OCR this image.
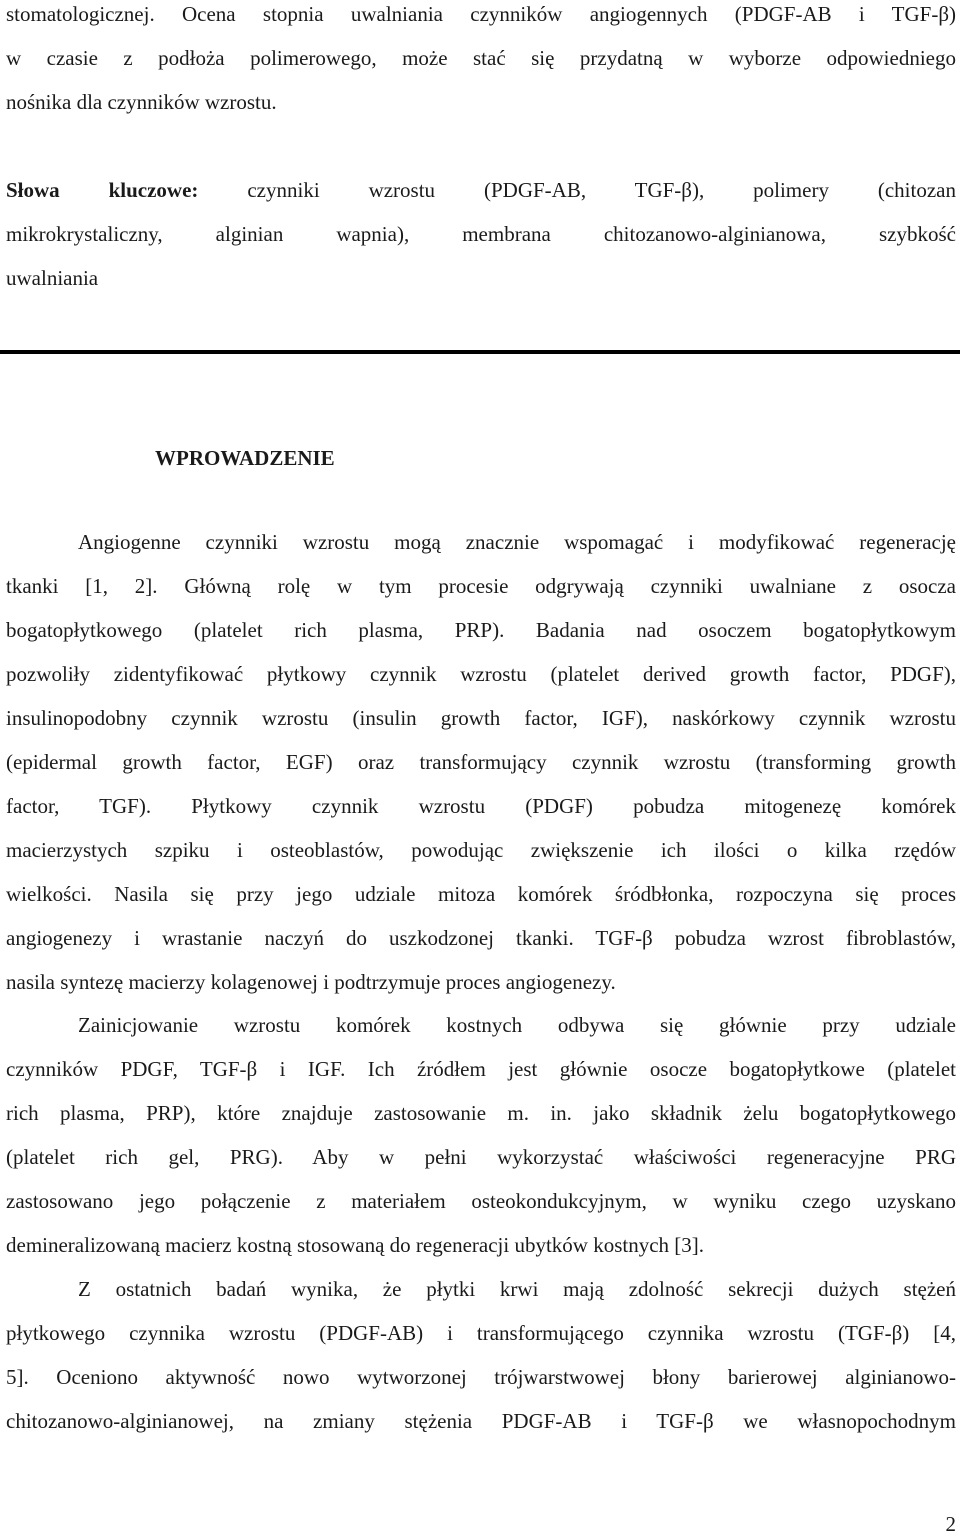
stomatologicznej. Ocena stopnia uwalniania czynników angiogennych (PDGF-AB i TGF-β)
w czasie z podłoża polimerowego, może stać się przydatną w wyborze odpowiedniego
nośnika dla czynników wzrostu.
Słowa kluczowe: czynniki wzrostu (PDGF-AB, TGF-β), polimery (chitozan
mikrokrystaliczny, alginian wapnia), membrana chitozanowo-alginianowa, szybkość
uwalniania
WPROWADZENIE
Angiogenne czynniki wzrostu mogą znacznie wspomagać i modyfikować regenerację
tkanki [1, 2]. Główną rolę w tym procesie odgrywają czynniki uwalniane z osocza
bogatopłytkowego (platelet rich plasma, PRP). Badania nad osoczem bogatopłytkowym
pozwoliły zidentyfikować płytkowy czynnik wzrostu (platelet derived growth factor, PDGF),
insulinopodobny czynnik wzrostu (insulin growth factor, IGF), naskórkowy czynnik wzrostu
(epidermal growth factor, EGF) oraz transformujący czynnik wzrostu (transforming growth
factor, TGF). Płytkowy czynnik wzrostu (PDGF) pobudza mitogenezę komórek
macierzystych szpiku i osteoblastów, powodując zwiększenie ich ilości o kilka rzędów
wielkości. Nasila się przy jego udziale mitoza komórek śródbłonka, rozpoczyna się proces
angiogenezy i wrastanie naczyń do uszkodzonej tkanki. TGF-β pobudza wzrost fibroblastów,
nasila syntezę macierzy kolagenowej i podtrzymuje proces angiogenezy.
Zainicjowanie wzrostu komórek kostnych odbywa się głównie przy udziale
czynników PDGF, TGF-β i IGF. Ich źródłem jest głównie osocze bogatopłytkowe (platelet
rich plasma, PRP), które znajduje zastosowanie m. in. jako składnik żelu bogatopłytkowego
(platelet rich gel, PRG). Aby w pełni wykorzystać właściwości regeneracyjne PRG
zastosowano jego połączenie z materiałem osteokondukcyjnym, w wyniku czego uzyskano
demineralizowaną macierz kostną stosowaną do regeneracji ubytków kostnych [3].
Z ostatnich badań wynika, że płytki krwi mają zdolność sekrecji dużych stężeń
płytkowego czynnika wzrostu (PDGF-AB) i transformującego czynnika wzrostu (TGF-β) [4,
5]. Oceniono aktywność nowo wytworzonej trójwarstwowej błony barierowej alginianowo-
chitozanowo-alginianowej, na zmiany stężenia PDGF-AB i TGF-β we własnopochodnym
2
